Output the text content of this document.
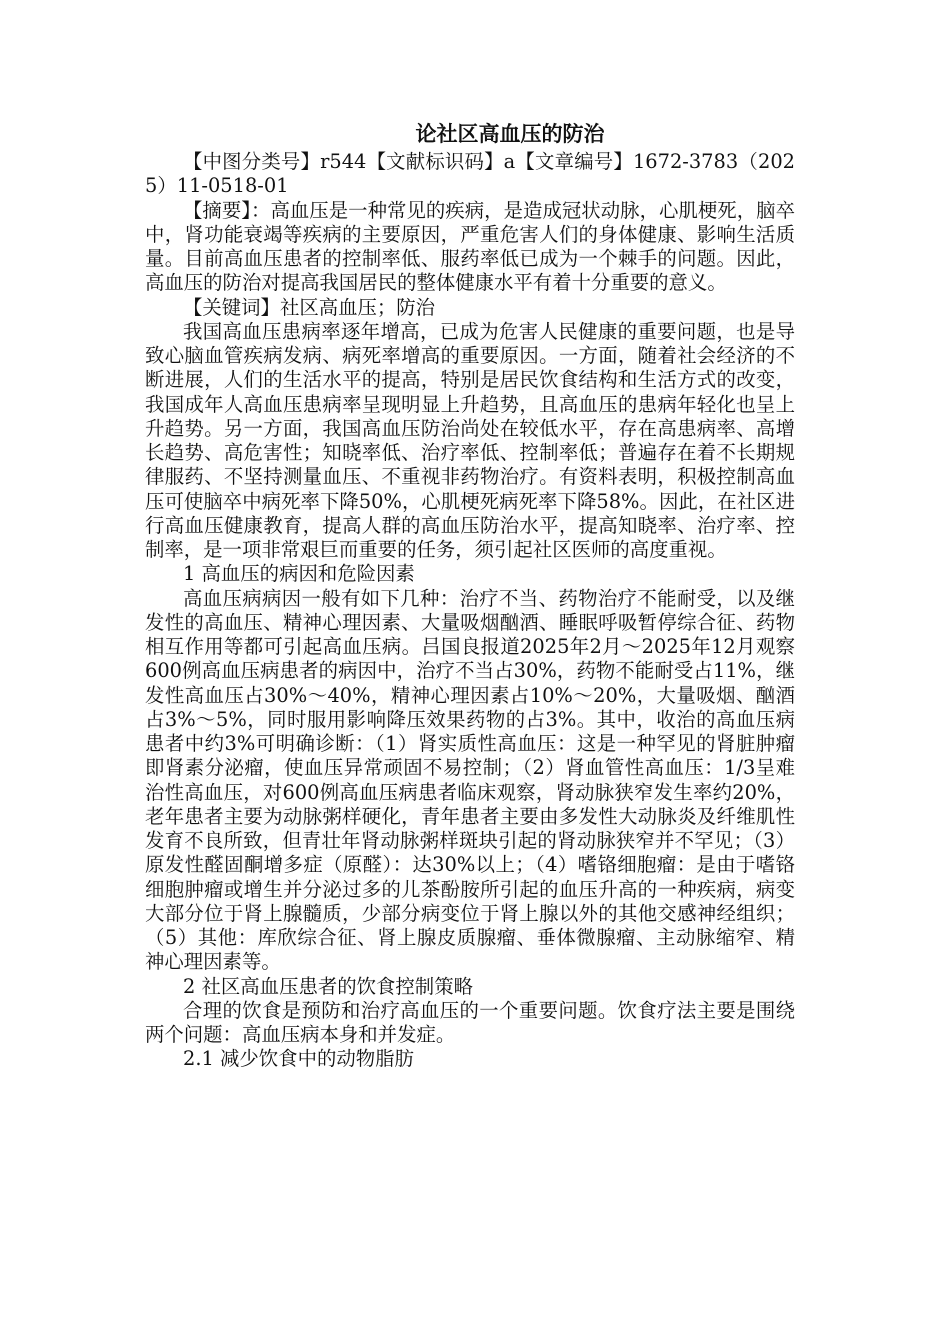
论社区高血压的防治

【中图分类号】r544【文献标识码】a【文章编号】1672-3783（2025）11-0518-01

【摘要】：高血压是一种常见的疾病，是造成冠状动脉，心肌梗死，脑卒中，肾功能衰竭等疾病的主要原因，严重危害人们的身体健康、影响生活质量。目前高血压患者的控制率低、服药率低已成为一个棘手的问题。因此，高血压的防治对提高我国居民的整体健康水平有着十分重要的意义。

【关键词】社区高血压；防治

我国高血压患病率逐年增高，已成为危害人民健康的重要问题，也是导致心脑血管疾病发病、病死率增高的重要原因。一方面，随着社会经济的不断进展，人们的生活水平的提高，特别是居民饮食结构和生活方式的改变，我国成年人高血压患病率呈现明显上升趋势，且高血压的患病年轻化也呈上升趋势。另一方面，我国高血压防治尚处在较低水平，存在高患病率、高增长趋势、高危害性；知晓率低、治疗率低、控制率低；普遍存在着不长期规律服药、不坚持测量血压、不重视非药物治疗。有资料表明，积极控制高血压可使脑卒中病死率下降50%，心肌梗死病死率下降58%。因此，在社区进行高血压健康教育，提高人群的高血压防治水平，提高知晓率、治疗率、控制率，是一项非常艰巨而重要的任务，须引起社区医师的高度重视。

1 高血压的病因和危险因素

高血压病病因一般有如下几种：治疗不当、药物治疗不能耐受，以及继发性的高血压、精神心理因素、大量吸烟酗酒、睡眠呼吸暂停综合征、药物相互作用等都可引起高血压病。吕国良报道2025年2月～2025年12月观察600例高血压病患者的病因中，治疗不当占30%，药物不能耐受占11%，继发性高血压占30%～40%，精神心理因素占10%～20%，大量吸烟、酗酒占3%～5%，同时服用影响降压效果药物的占3%。其中，收治的高血压病患者中约3%可明确诊断：（1）肾实质性高血压：这是一种罕见的肾脏肿瘤即肾素分泌瘤，使血压异常顽固不易控制；（2）肾血管性高血压：1/3呈难治性高血压，对600例高血压病患者临床观察，肾动脉狭窄发生率约20%，老年患者主要为动脉粥样硬化，青年患者主要由多发性大动脉炎及纤维肌性发育不良所致，但青壮年肾动脉粥样斑块引起的肾动脉狭窄并不罕见；（3）原发性醛固酮增多症（原醛）：达30%以上；（4）嗜铬细胞瘤：是由于嗜铬细胞肿瘤或增生并分泌过多的儿茶酚胺所引起的血压升高的一种疾病，病变大部分位于肾上腺髓质，少部分病变位于肾上腺以外的其他交感神经组织；（5）其他：库欣综合征、肾上腺皮质腺瘤、垂体微腺瘤、主动脉缩窄、精神心理因素等。

2 社区高血压患者的饮食控制策略

合理的饮食是预防和治疗高血压的一个重要问题。饮食疗法主要是围绕两个问题：高血压病本身和并发症。

2.1 减少饮食中的动物脂肪
